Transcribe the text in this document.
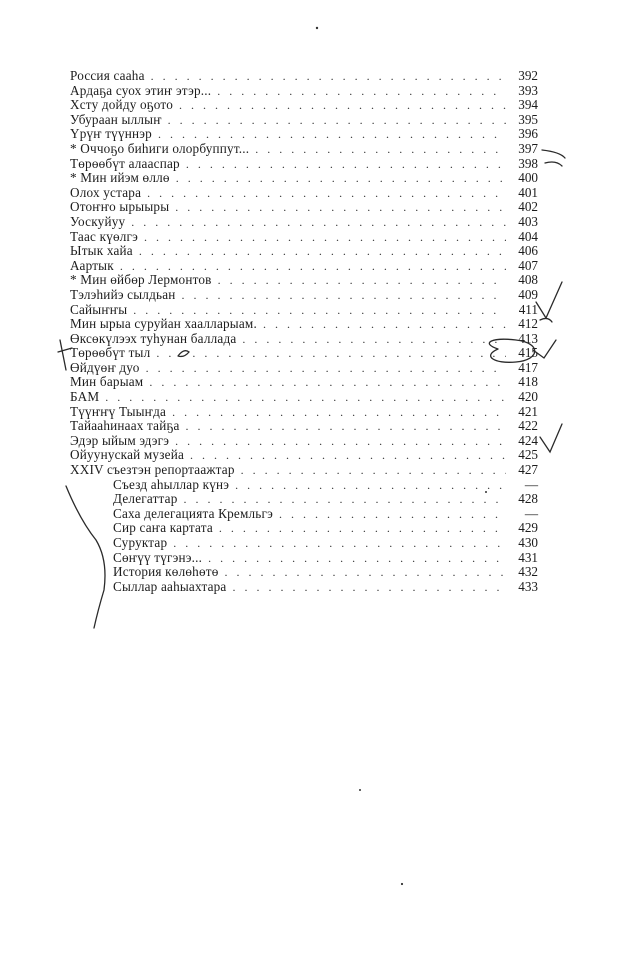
Россия сааһа . . .	392
Ардаҕа суох этиҥ этэр... . . .	393
Хсту дойду оҕото . . .	394
Убураан ыллыҥ . . .	395
Үрүҥ түүннэр . . .	396
* Оччоҕо биһиги олорбуппут... . . .	397
Төрөөбүт алааспар . . .	398
* Мин ийэм өллө . . .	400
Олох устара . . .	401
Отоҥҥо ырыыры . . .	402
Уоскуйуу . . .	403
Таас күөлгэ . . .	404
Ытык хайа . . .	406
Аартык . . .	407
* Мин өйбөр Лермонтов . . .	408
Тэлэһийэ сылдьан . . .	409
Сайыҥҥы . . .	411
Мин ырыа суруйан хаалларыам. . . .	412
Өксөкүлээх туһунан баллада . . .	413
Төрөөбүт тыл . . .	415
Өйдүөҥ дуо . . .	417
Мин барыам . . .	418
БАМ . . .	420
Түүҥҥү Тыыҥда . . .	421
Тайааһинаах тайҕа . . .	422
Эдэр ыйым эдэгэ . . .	424
Ойуунускай музейа . . .	425
XXIV съезтэн репортаажтар . . .	427
Съезд аһыллар күнэ . . .	—
Делегаттар . . .	428
Саха делегацията Кремльгэ . . .	—
Сир саҥа картата . . .	429
Суруктар . . .	430
Сөҥүү түгэнэ... . . .	431
История көлөһөтө . . .	432
Сыллар ааһыахтара . . .	433
